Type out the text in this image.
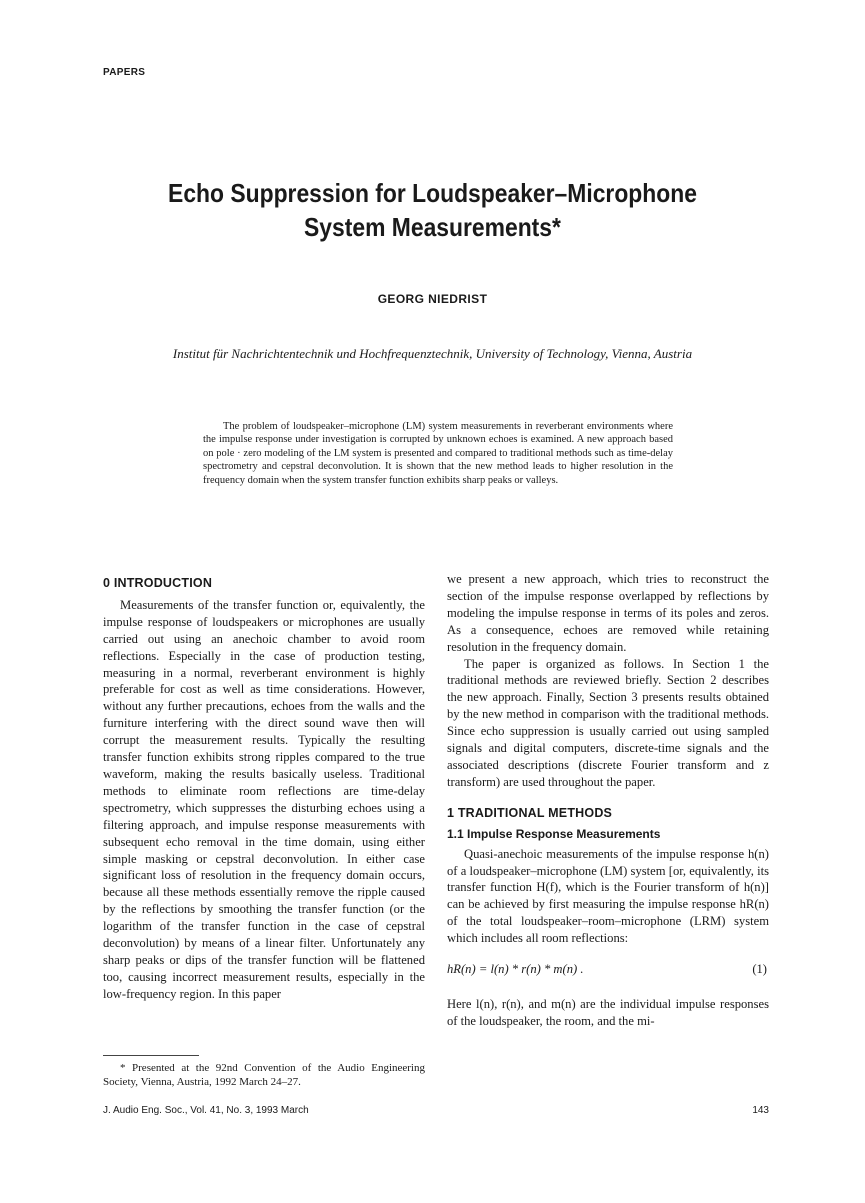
PAPERS
Echo Suppression for Loudspeaker–Microphone
System Measurements*
GEORG NIEDRIST
Institut für Nachrichtentechnik und Hochfrequenztechnik, University of Technology, Vienna, Austria
The problem of loudspeaker–microphone (LM) system measurements in reverberant environments where the impulse response under investigation is corrupted by unknown echoes is examined. A new approach based on pole · zero modeling of the LM system is presented and compared to traditional methods such as time-delay spectrometry and cepstral deconvolution. It is shown that the new method leads to higher resolution in the frequency domain when the system transfer function exhibits sharp peaks or valleys.
0 INTRODUCTION

Measurements of the transfer function or, equivalently, the impulse response of loudspeakers or microphones are usually carried out using an anechoic chamber to avoid room reflections. Especially in the case of production testing, measuring in a normal, reverberant environment is highly preferable for cost as well as time considerations. However, without any further precautions, echoes from the walls and the furniture interfering with the direct sound wave then will corrupt the measurement results. Typically the resulting transfer function exhibits strong ripples compared to the true waveform, making the results basically useless. Traditional methods to eliminate room reflections are time-delay spectrometry, which suppresses the disturbing echoes using a filtering approach, and impulse response measurements with subsequent echo removal in the time domain, using either simple masking or cepstral deconvolution. In either case significant loss of resolution in the frequency domain occurs, because all these methods essentially remove the ripple caused by the reflections by smoothing the transfer function (or the logarithm of the transfer function in the case of cepstral deconvolution) by means of a linear filter. Unfortunately any sharp peaks or dips of the transfer function will be flattened too, causing incorrect measurement results, especially in the low-frequency region. In this paper

we present a new approach, which tries to reconstruct the section of the impulse response overlapped by reflections by modeling the impulse response in terms of its poles and zeros. As a consequence, echoes are removed while retaining resolution in the frequency domain.

The paper is organized as follows. In Section 1 the traditional methods are reviewed briefly. Section 2 describes the new approach. Finally, Section 3 presents results obtained by the new method in comparison with the traditional methods. Since echo suppression is usually carried out using sampled signals and digital computers, discrete-time signals and the associated descriptions (discrete Fourier transform and z transform) are used throughout the paper.

1 TRADITIONAL METHODS
1.1 Impulse Response Measurements

Quasi-anechoic measurements of the impulse response h(n) of a loudspeaker–microphone (LM) system [or, equivalently, its transfer function H(f), which is the Fourier transform of h(n)] can be achieved by first measuring the impulse response hR(n) of the total loudspeaker–room–microphone (LRM) system which includes all room reflections:

hR(n) = l(n) * r(n) * m(n) .	(1)

Here l(n), r(n), and m(n) are the individual impulse responses of the loudspeaker, the room, and the mi-

* Presented at the 92nd Convention of the Audio Engineering Society, Vienna, Austria, 1992 March 24–27.
J. Audio Eng. Soc., Vol. 41, No. 3, 1993 March	143
